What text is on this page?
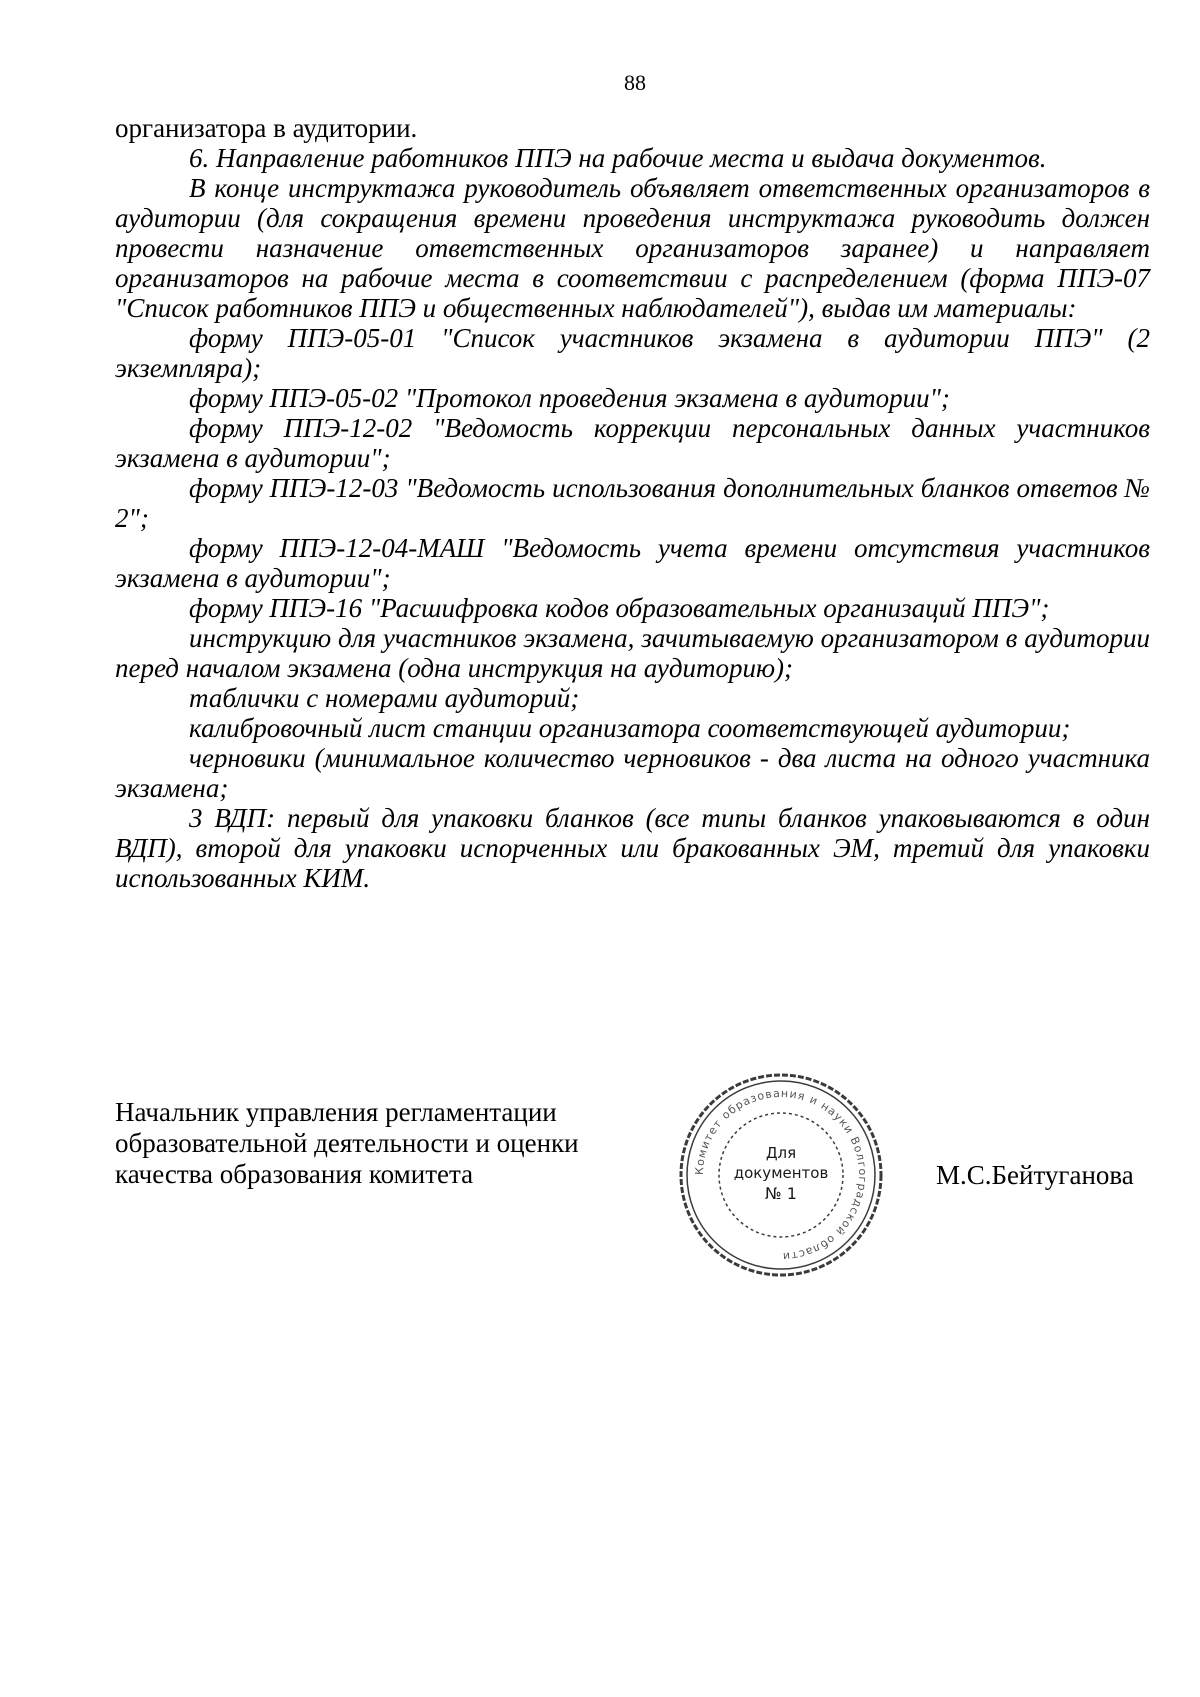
88

организатора в аудитории.

6. Направление работников ППЭ на рабочие места и выдача документов.

В конце инструктажа руководитель объявляет ответственных организаторов в аудитории (для сокращения времени проведения инструктажа руководить должен провести назначение ответственных организаторов заранее) и направляет организаторов на рабочие места в соответствии с распределением (форма ППЭ-07 "Список работников ППЭ и общественных наблюдателей"), выдав им материалы:

форму ППЭ-05-01 "Список участников экзамена в аудитории ППЭ" (2 экземпляра);

форму ППЭ-05-02 "Протокол проведения экзамена в аудитории";

форму ППЭ-12-02 "Ведомость коррекции персональных данных участников экзамена в аудитории";

форму ППЭ-12-03 "Ведомость использования дополнительных бланков ответов № 2";

форму ППЭ-12-04-МАШ "Ведомость учета времени отсутствия участников экзамена в аудитории";

форму ППЭ-16 "Расшифровка кодов образовательных организаций ППЭ";

инструкцию для участников экзамена, зачитываемую организатором в аудитории перед началом экзамена (одна инструкция на аудиторию);

таблички с номерами аудиторий;

калибровочный лист станции организатора соответствующей аудитории;

черновики (минимальное количество черновиков - два листа на одного участника экзамена;

3 ВДП: первый для упаковки бланков (все типы бланков упаковываются в один ВДП), второй для упаковки испорченных или бракованных ЭМ, третий для упаковки использованных КИМ.

Начальник управления регламентации
образовательной деятельности и оценки
качества образования комитета	М.С.Бейтуганова
Комитет образования и науки Волгоградской области
Для
документов
№ 1
